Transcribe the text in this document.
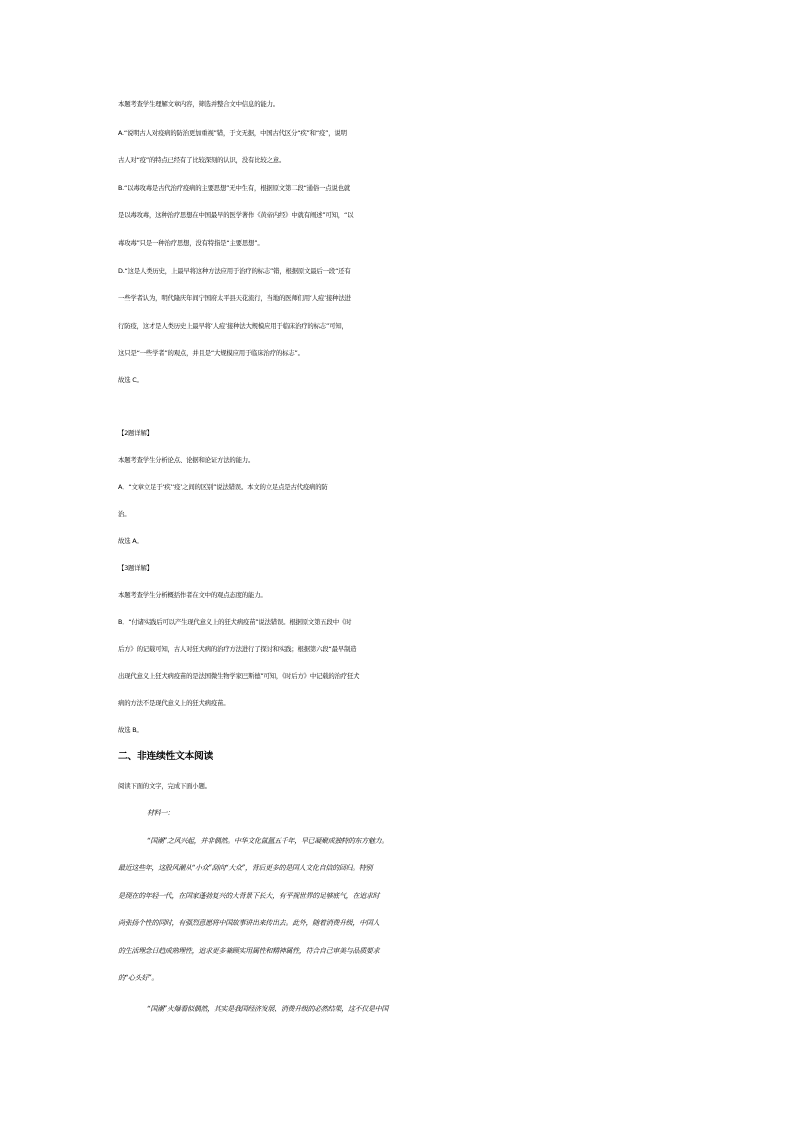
本题考查学生理解文章内容，筛选并整合文中信息的能力。
A.“说明古人对疫病的防治更加重视”错，于文无据，中国古代区分“疾”和“疫”，说明
古人对“疫”的特点已经有了比较深刻的认识，没有比较之意。
B.“以毒攻毒是古代治疗疫病的主要思想”无中生有，根据原文第二段“通俗一点说也就
是以毒攻毒，这种治疗思想在中国最早的医学著作《黄帝内经》中就有阐述”可知，“以
毒攻毒”只是一种治疗思想，没有特指是“主要思想”。
D.“这是人类历史，上最早将这种方法应用于治疗的标志”错，根据原文最后一段“还有
一些学者认为，明代隆庆年间宁国府太平县天花流行，当地的医师们用‘人痘’接种法进
行防疫，这才是人类历史上最早将‘人痘’接种法大规模应用于临床治疗的标志”可知，
这只是“一些学者”的观点，并且是“大规模应用于临床治疗的标志”。
故选 C。
【2题详解】
本题考查学生分析论点、论据和论证方法的能力。
A．“文章立足于‘疾’‘疫’之间的区别”说法错误。本文的立足点是古代疫病的防
治。
故选 A。
【3题详解】
本题考查学生分析概括作者在文中的观点态度的能力。
B．“付诸实践后可以产生现代意义上的狂犬病疫苗”说法错误。根据原文第五段中《时
后方》的记载可知，古人对狂犬病的治疗方法进行了探讨和实践；根据第六段“最早制造
出现代意义上狂犬病疫苗的是法国微生物学家巴斯德”可知，《时后方》中记载的治疗狂犬
病的方法不是现代意义上的狂犬病疫苗。
故选 B。
二、非连续性文本阅读
阅读下面的文字，完成下面小题。
材料一：
“国潮”之风兴起，并非偶然。中华文化氤氲五千年，早已凝聚成独特的东方魅力。
最近这些年，这股风潮从“小众”刮向“大众”，背后更多的是国人文化自信的回归。特别
是现在的年轻一代，在国家蓬勃复兴的大背景下长大，有平视世界的足够底气，在追求时
尚张扬个性的同时，有强烈意愿将中国故事讲出来传出去。此外，随着消费升级，中国人
的生活理念日趋成熟理性，追求更多兼顾实用属性和精神属性，符合自己审美与品质要求
的“心头好”。
“国潮”火爆看似偶然，其实是我国经济发展、消费升级的必然结果，这不仅是中国
